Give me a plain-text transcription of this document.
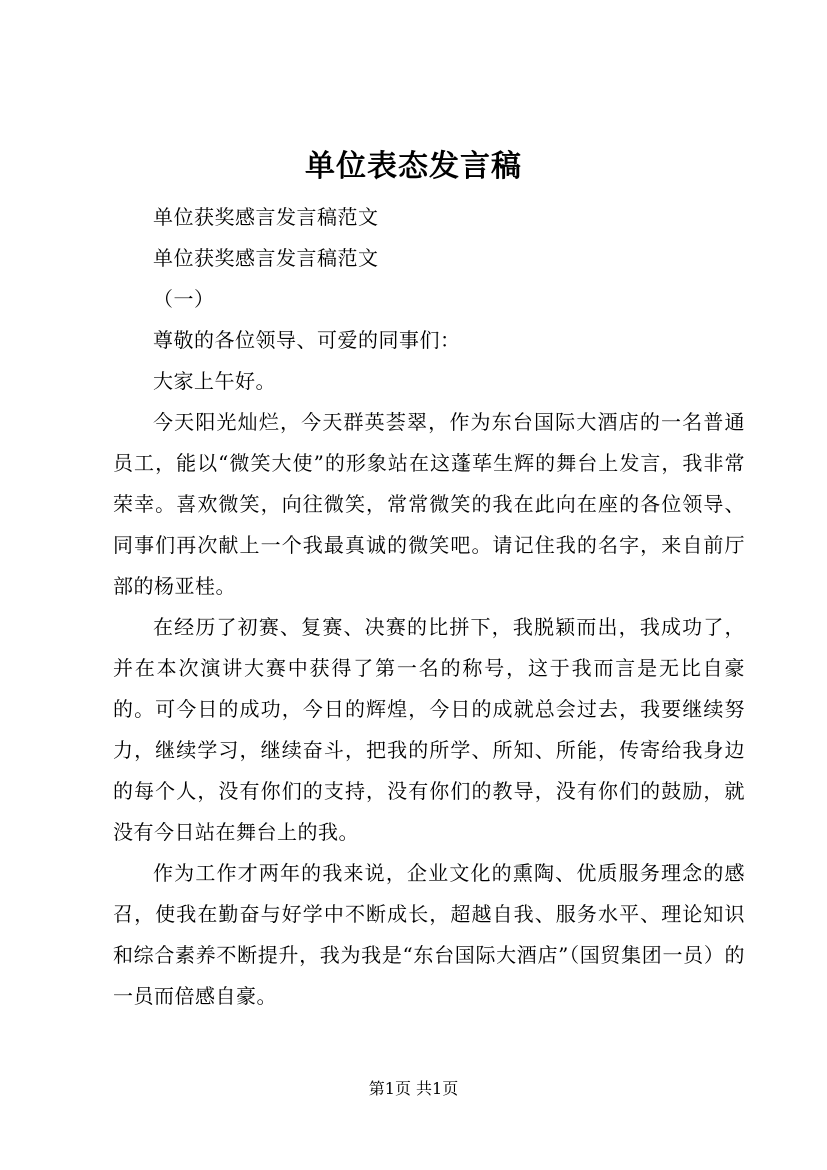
单位表态发言稿

单位获奖感言发言稿范文

单位获奖感言发言稿范文

（一）

尊敬的各位领导、可爱的同事们：

大家上午好。

今天阳光灿烂，今天群英荟翠，作为东台国际大酒店的一名普通员工，能以“微笑大使”的形象站在这蓬荜生辉的舞台上发言，我非常荣幸。喜欢微笑，向往微笑，常常微笑的我在此向在座的各位领导、同事们再次献上一个我最真诚的微笑吧。请记住我的名字，来自前厅部的杨亚桂。

在经历了初赛、复赛、决赛的比拼下，我脱颖而出，我成功了，并在本次演讲大赛中获得了第一名的称号，这于我而言是无比自豪的。可今日的成功，今日的辉煌，今日的成就总会过去，我要继续努力，继续学习，继续奋斗，把我的所学、所知、所能，传寄给我身边的每个人，没有你们的支持，没有你们的教导，没有你们的鼓励，就没有今日站在舞台上的我。

作为工作才两年的我来说，企业文化的熏陶、优质服务理念的感召，使我在勤奋与好学中不断成长，超越自我、服务水平、理论知识和综合素养不断提升，我为我是“东台国际大酒店”（国贸集团一员）的一员而倍感自豪。

第1页 共1页
